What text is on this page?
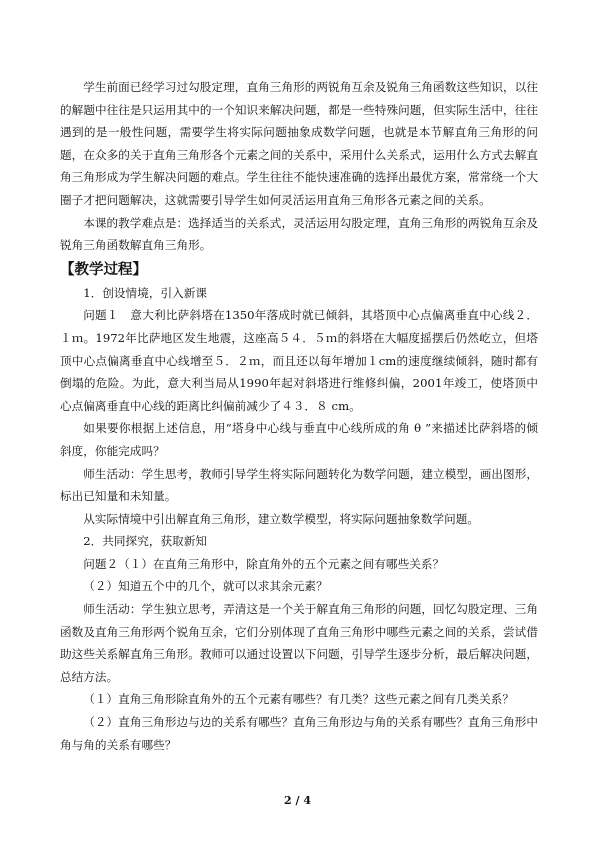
学生前面已经学习过勾股定理，直角三角形的两锐角互余及锐角三角函数这些知识，以往的解题中往往是只运用其中的一个知识来解决问题，都是一些特殊问题，但实际生活中，往往遇到的是一般性问题，需要学生将实际问题抽象成数学问题，也就是本节解直角三角形的问题，在众多的关于直角三角形各个元素之间的关系中，采用什么关系式，运用什么方式去解直角三角形成为学生解决问题的难点。学生往往不能快速准确的选择出最优方案，常常绕一个大圈子才把问题解决，这就需要引导学生如何灵活运用直角三角形各元素之间的关系。

本课的教学难点是：选择适当的关系式，灵活运用勾股定理，直角三角形的两锐角互余及锐角三角函数解直角三角形。

【教学过程】

1．创设情境，引入新课

问题１　意大利比萨斜塔在1350年落成时就已倾斜，其塔顶中心点偏离垂直中心线２．１ｍ。1972年比萨地区发生地震，这座高５４．５ｍ的斜塔在大幅度摇摆后仍然屹立，但塔顶中心点偏离垂直中心线增至５．２ｍ，而且还以每年增加１cm的速度继续倾斜，随时都有倒塌的危险。为此，意大利当局从1990年起对斜塔进行维修纠偏，2001年竣工，使塔顶中心点偏离垂直中心线的距离比纠偏前减少了４３．８ cm。

如果要你根据上述信息，用“塔身中心线与垂直中心线所成的角 θ ”来描述比萨斜塔的倾斜度，你能完成吗？

师生活动：学生思考，教师引导学生将实际问题转化为数学问题，建立模型，画出图形，标出已知量和未知量。

从实际情境中引出解直角三角形，建立数学模型，将实际问题抽象数学问题。

2．共同探究，获取新知

问题２（１）在直角三角形中，除直角外的五个元素之间有哪些关系？

（２）知道五个中的几个，就可以求其余元素？

师生活动：学生独立思考，弄清这是一个关于解直角三角形的问题，回忆勾股定理、三角函数及直角三角形两个锐角互余，它们分别体现了直角三角形中哪些元素之间的关系，尝试借助这些关系解直角三角形。教师可以通过设置以下问题，引导学生逐步分析，最后解决问题，总结方法。

（１）直角三角形除直角外的五个元素有哪些？有几类？这些元素之间有几类关系？

（２）直角三角形边与边的关系有哪些？直角三角形边与角的关系有哪些？直角三角形中角与角的关系有哪些？

2 / 4
